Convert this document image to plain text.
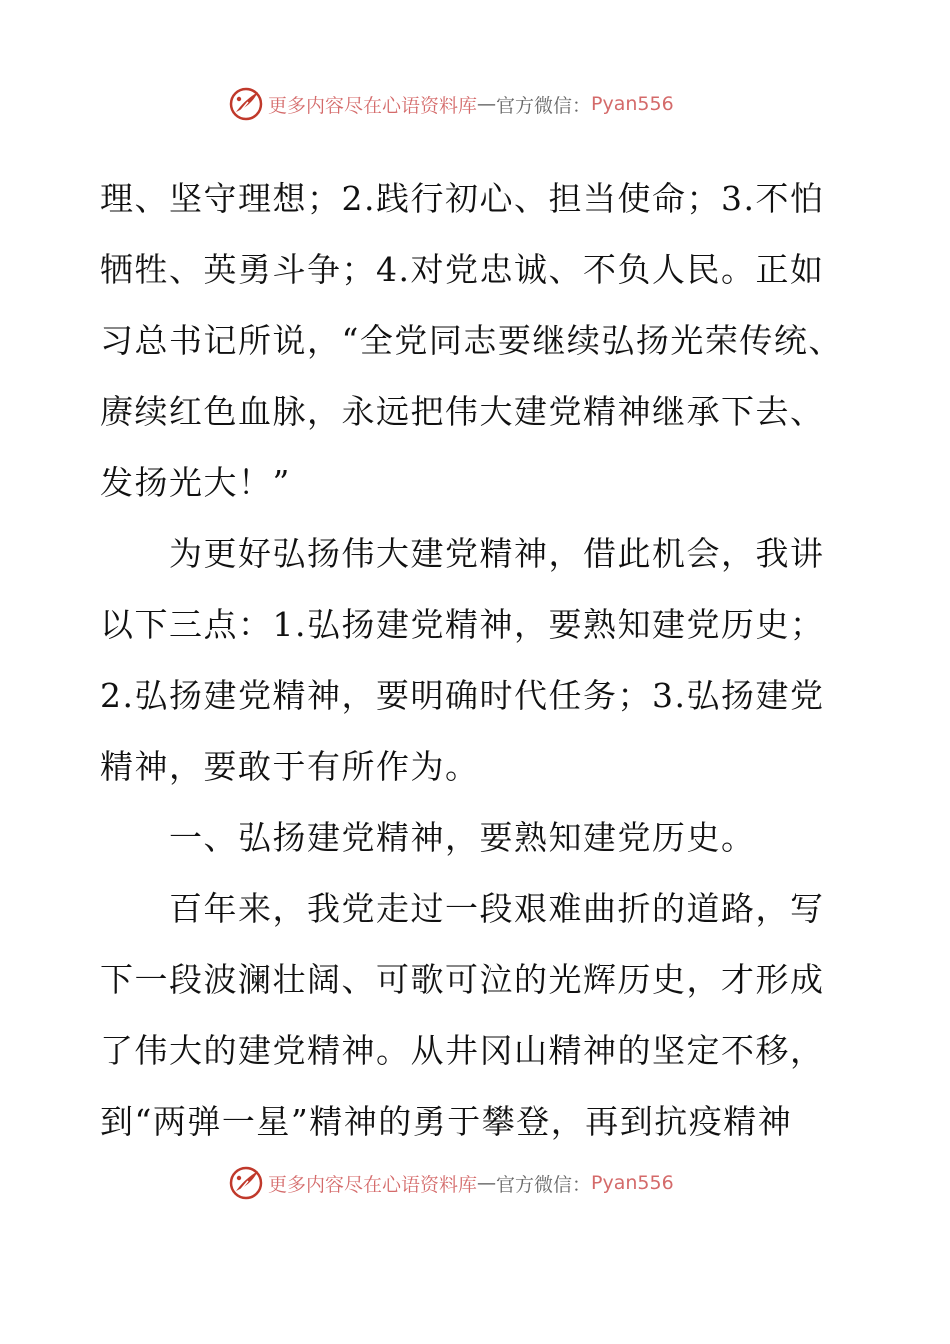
更多内容尽在心语资料库 — 官方微信： Pyan556
理、坚守理想；2.践行初心、担当使命；3.不怕
牺牲、英勇斗争；4.对党忠诚、不负人民。正如
习总书记所说，“全党同志要继续弘扬光荣传统、
赓续红色血脉，永远把伟大建党精神继承下去、
发扬光大！”
　　为更好弘扬伟大建党精神，借此机会，我讲
以下三点：1.弘扬建党精神，要熟知建党历史；
2.弘扬建党精神，要明确时代任务；3.弘扬建党
精神，要敢于有所作为。
　　一、弘扬建党精神，要熟知建党历史。
　　百年来，我党走过一段艰难曲折的道路，写
下一段波澜壮阔、可歌可泣的光辉历史，才形成
了伟大的建党精神。从井冈山精神的坚定不移，
到“两弹一星”精神的勇于攀登，再到抗疫精神
更多内容尽在心语资料库 — 官方微信： Pyan556
